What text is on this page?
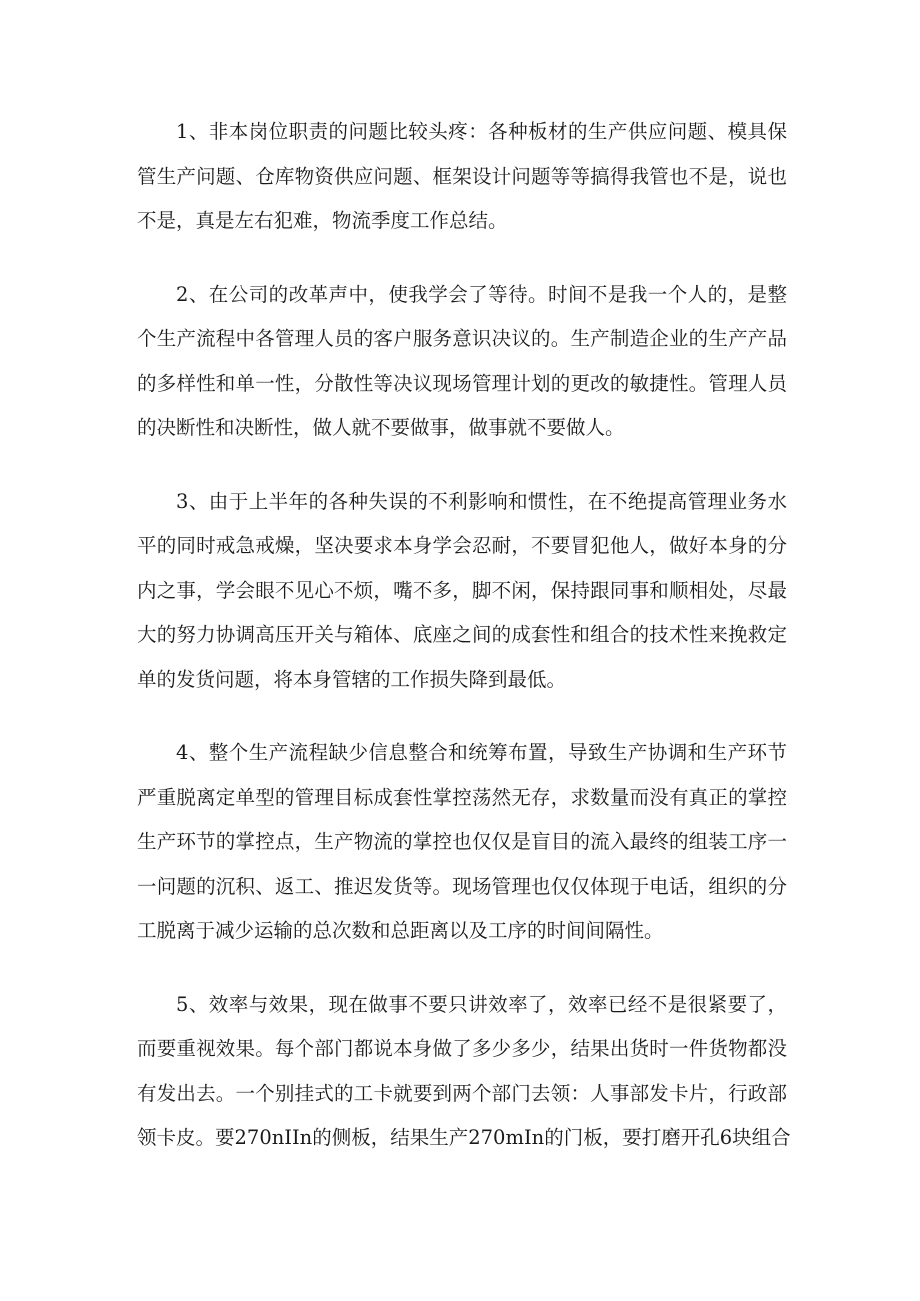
1、非本岗位职责的问题比较头疼：各种板材的生产供应问题、模具保
管生产问题、仓库物资供应问题、框架设计问题等等搞得我管也不是，说也
不是，真是左右犯难，物流季度工作总结。
2、在公司的改革声中，使我学会了等待。时间不是我一个人的，是整
个生产流程中各管理人员的客户服务意识决议的。生产制造企业的生产产品
的多样性和单一性，分散性等决议现场管理计划的更改的敏捷性。管理人员
的决断性和决断性，做人就不要做事，做事就不要做人。
3、由于上半年的各种失误的不利影响和惯性，在不绝提高管理业务水
平的同时戒急戒燥，坚决要求本身学会忍耐，不要冒犯他人，做好本身的分
内之事，学会眼不见心不烦，嘴不多，脚不闲，保持跟同事和顺相处，尽最
大的努力协调高压开关与箱体、底座之间的成套性和组合的技术性来挽救定
单的发货问题，将本身管辖的工作损失降到最低。
4、整个生产流程缺少信息整合和统筹布置，导致生产协调和生产环节
严重脱离定单型的管理目标成套性掌控荡然无存，求数量而没有真正的掌控
生产环节的掌控点，生产物流的掌控也仅仅是盲目的流入最终的组装工序一
一问题的沉积、返工、推迟发货等。现场管理也仅仅体现于电话，组织的分
工脱离于减少运输的总次数和总距离以及工序的时间间隔性。
5、效率与效果，现在做事不要只讲效率了，效率已经不是很紧要了，
而要重视效果。每个部门都说本身做了多少多少，结果出货时一件货物都没
有发出去。一个别挂式的工卡就要到两个部门去领：人事部发卡片，行政部
领卡皮。要270nIIn的侧板，结果生产270mIn的门板，要打磨开孔6块组合
